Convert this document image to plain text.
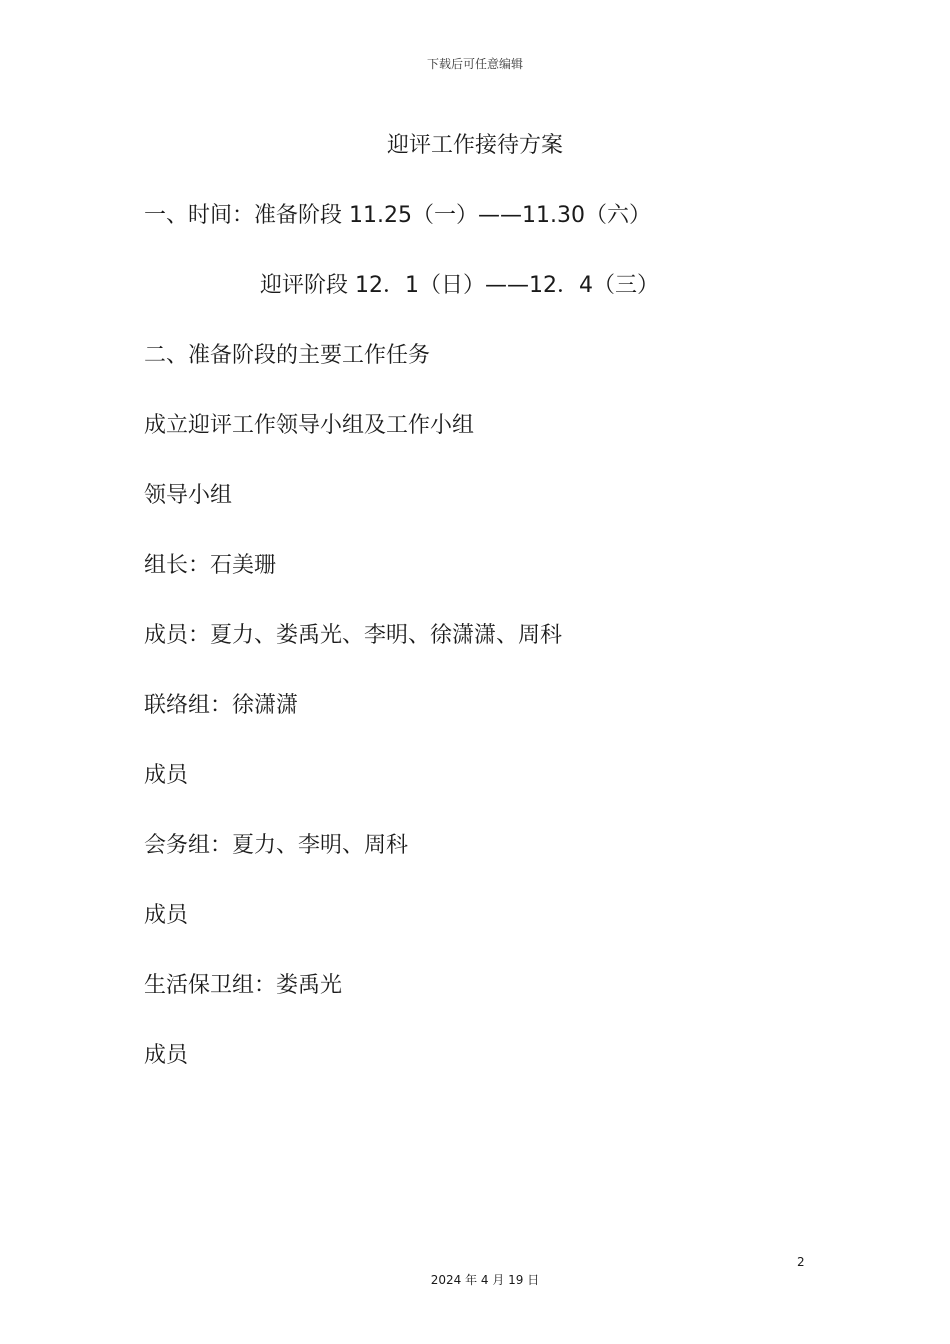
下载后可任意编辑
迎评工作接待方案
一、时间：准备阶段 11.25（一）——11.30（六）
迎评阶段 12．1（日）——12．4（三）
二、准备阶段的主要工作任务
成立迎评工作领导小组及工作小组
领导小组
组长：石美珊
成员：夏力、娄禹光、李明、徐潇潇、周科
联络组：徐潇潇
成员
会务组：夏力、李明、周科
成员
生活保卫组：娄禹光
成员
2
2024 年 4 月 19 日
